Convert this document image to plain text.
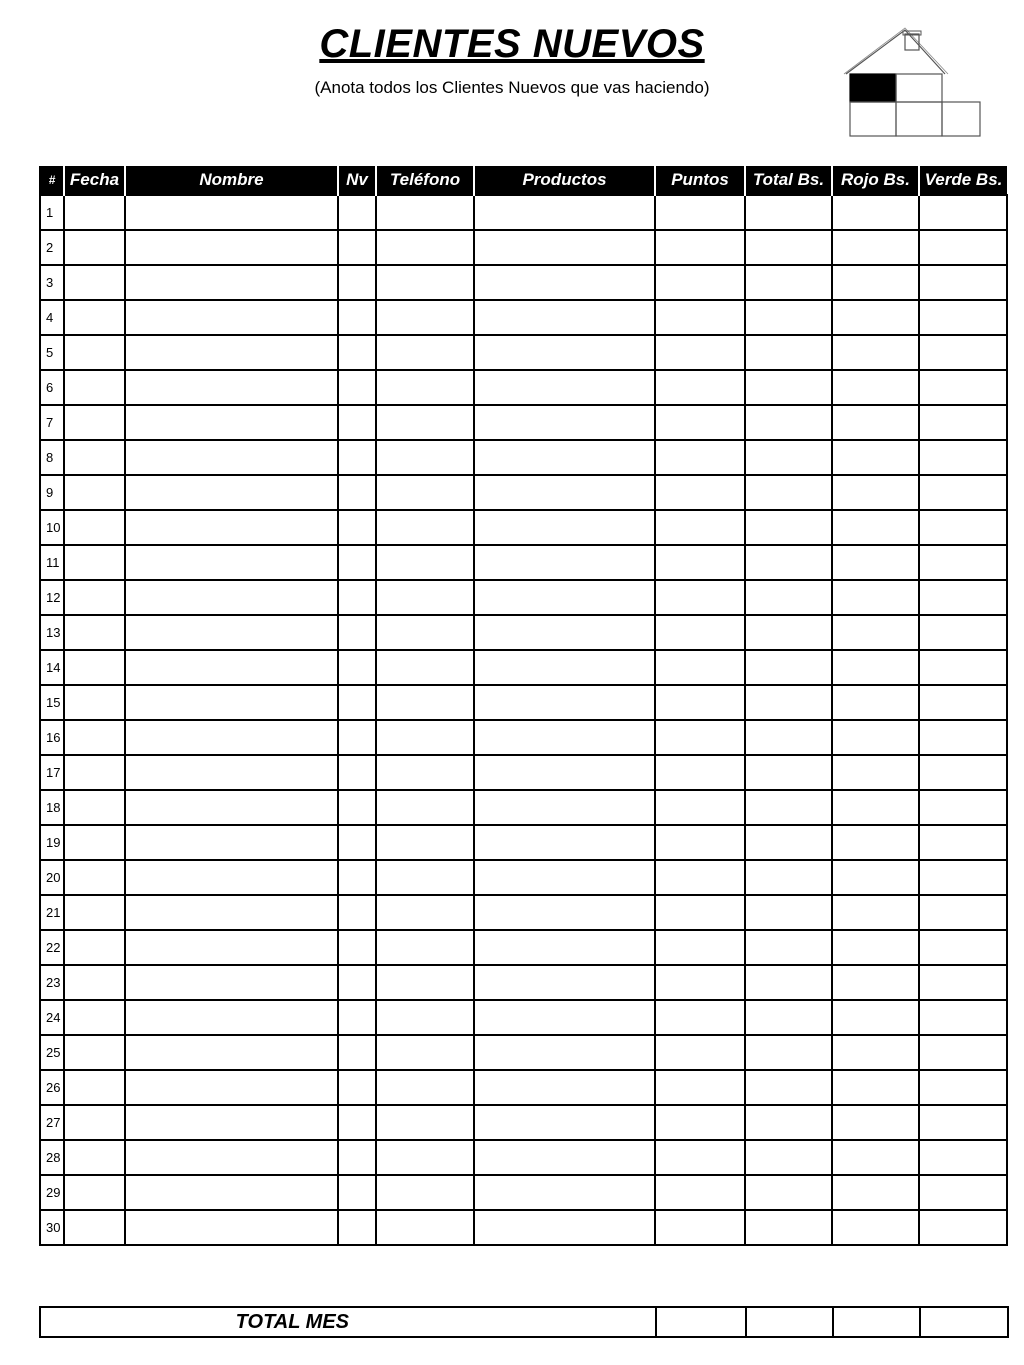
CLIENTES NUEVOS
(Anota todos los Clientes Nuevos que vas haciendo)
#	Fecha	Nombre	Nv	Teléfono	Productos	Puntos	Total Bs.	Rojo Bs.	Verde Bs.
1									
2									
3									
4									
5									
6									
7									
8									
9									
10									
11									
12									
13									
14									
15									
16									
17									
18									
19									
20									
21									
22									
23									
24									
25									
26									
27									
28									
29									
30									
TOTAL MES				
